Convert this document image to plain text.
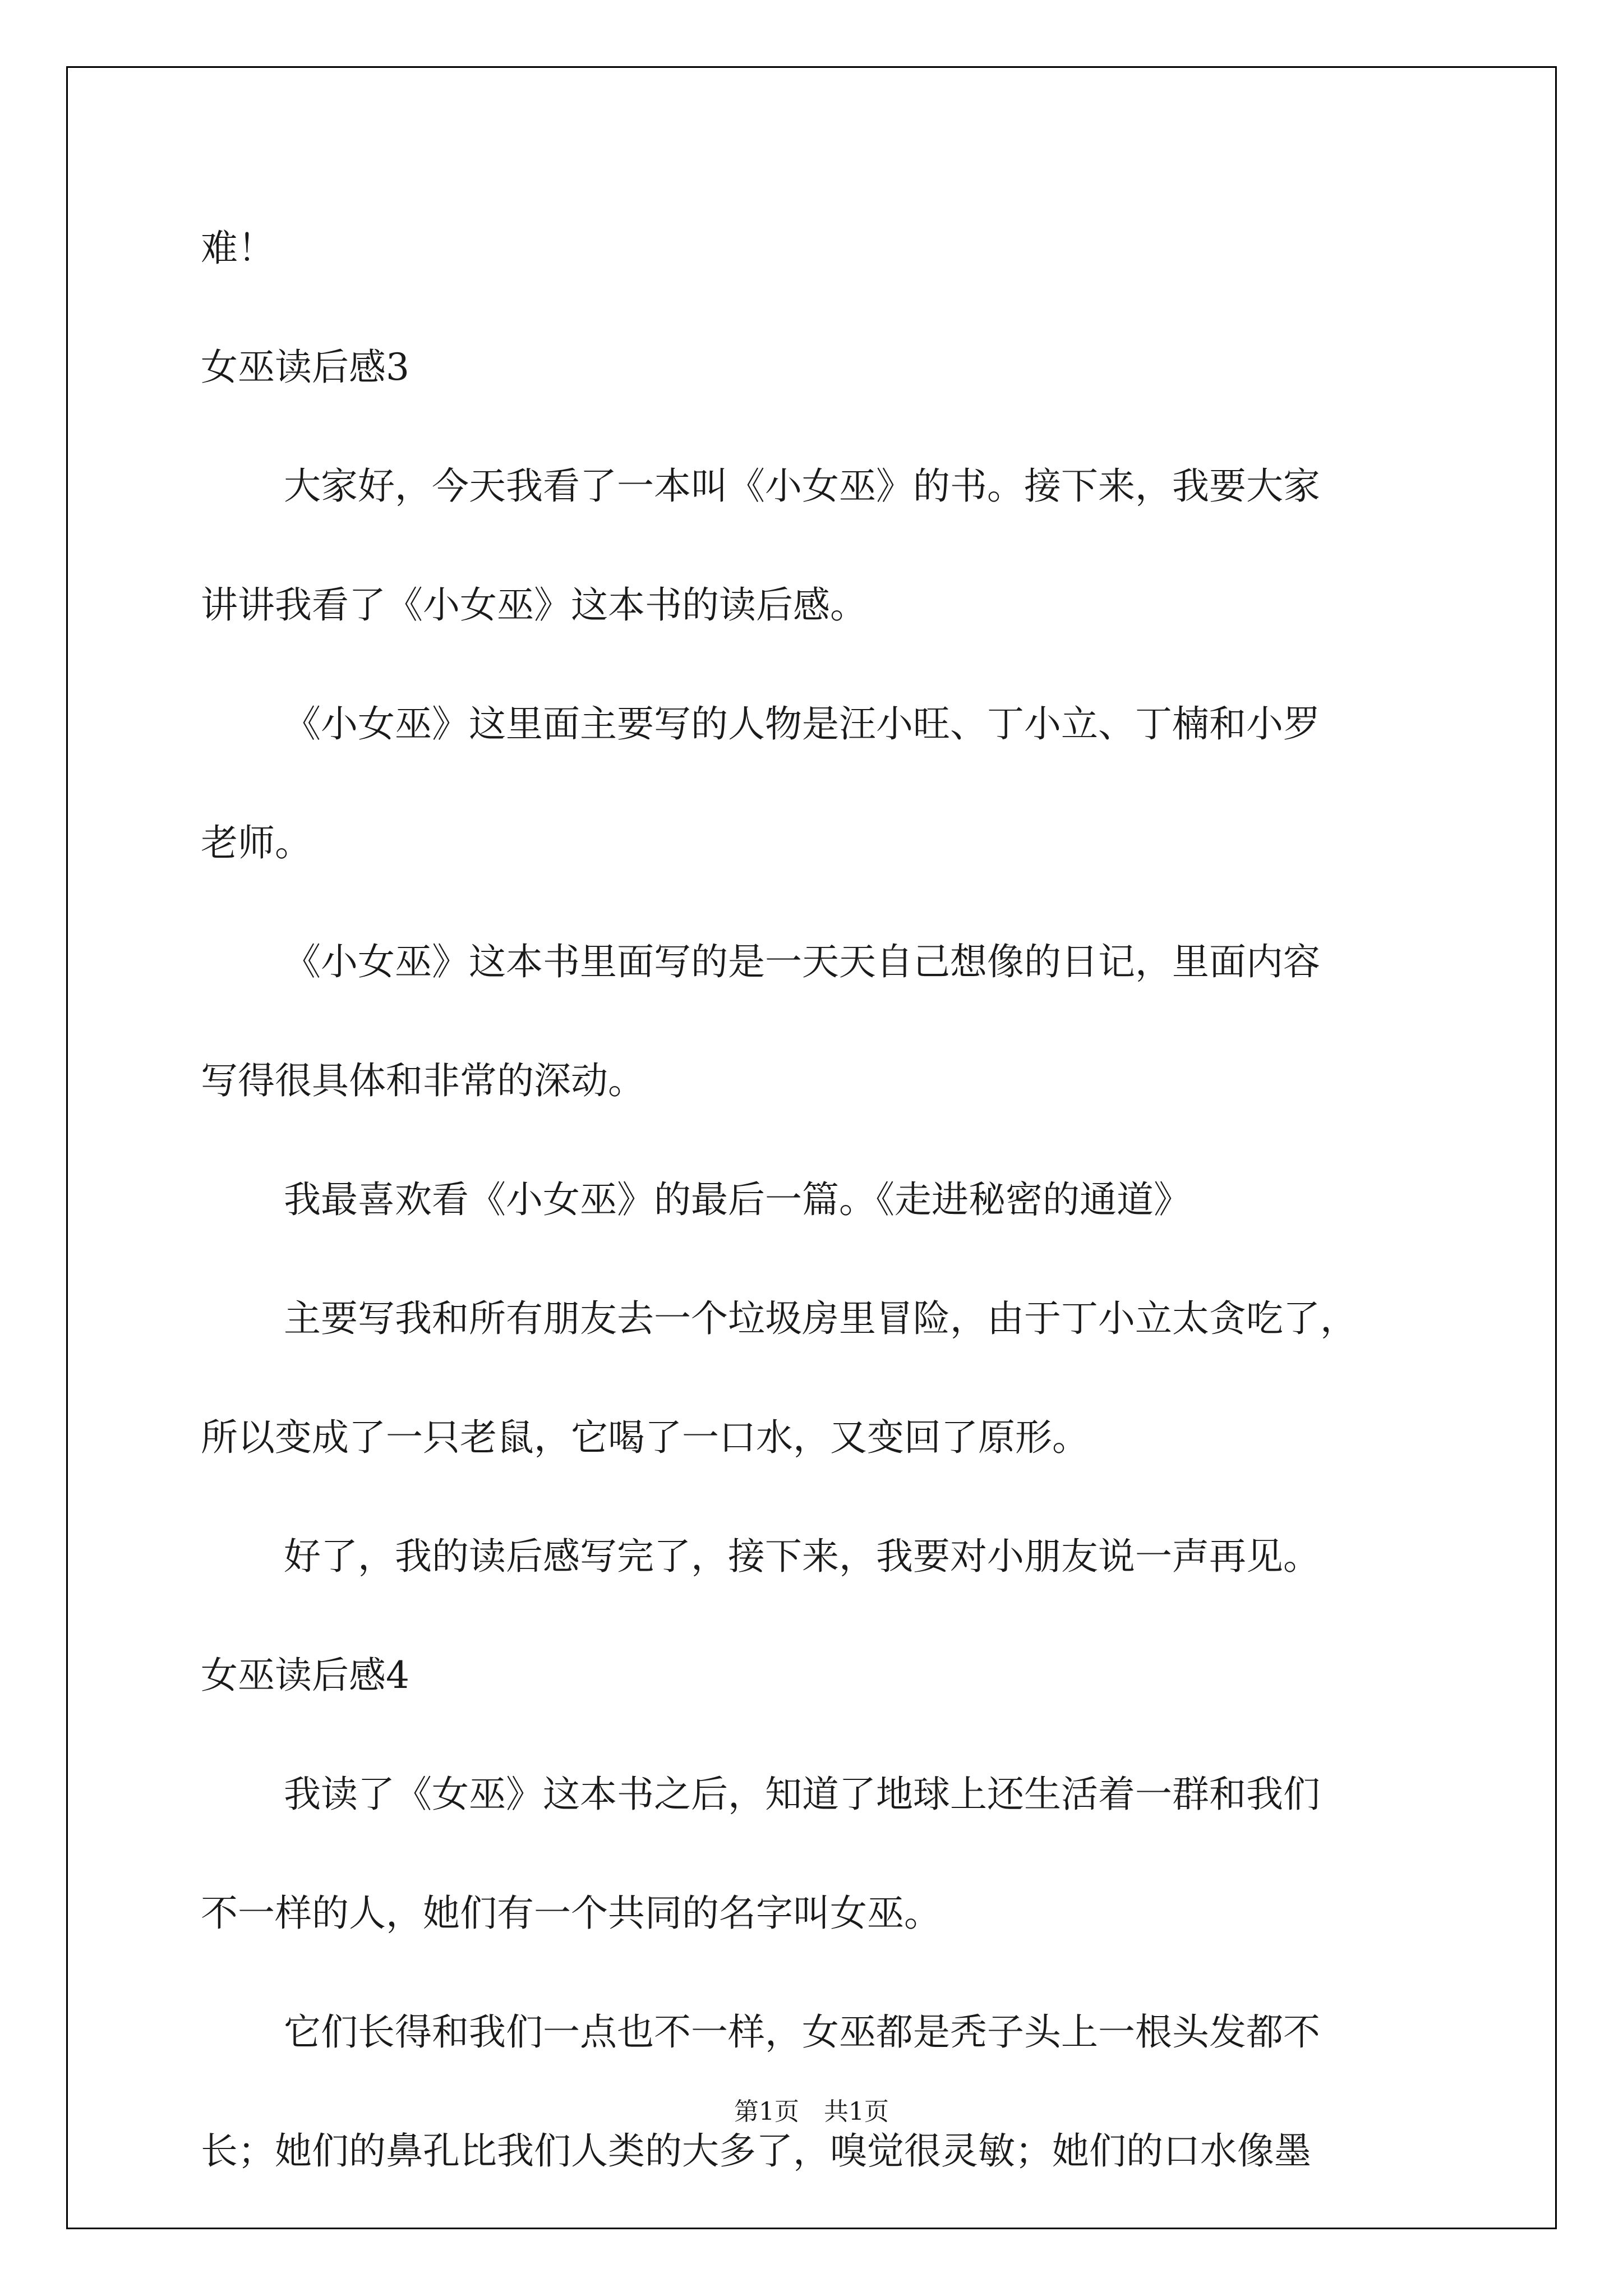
难！
女巫读后感3
大家好，今天我看了一本叫《小女巫》的书。接下来，我要大家
讲讲我看了《小女巫》这本书的读后感。
《小女巫》这里面主要写的人物是汪小旺、丁小立、丁楠和小罗
老师。
《小女巫》这本书里面写的是一天天自己想像的日记，里面内容
写得很具体和非常的深动。
我最喜欢看《小女巫》的最后一篇。《走进秘密的通道》
主要写我和所有朋友去一个垃圾房里冒险，由于丁小立太贪吃了，
所以变成了一只老鼠，它喝了一口水，又变回了原形。
好了，我的读后感写完了，接下来，我要对小朋友说一声再见。
女巫读后感4
我读了《女巫》这本书之后，知道了地球上还生活着一群和我们
不一样的人，她们有一个共同的名字叫女巫。
它们长得和我们一点也不一样，女巫都是秃子头上一根头发都不
长；她们的鼻孔比我们人类的大多了，嗅觉很灵敏；她们的口水像墨
第1页　共1页
